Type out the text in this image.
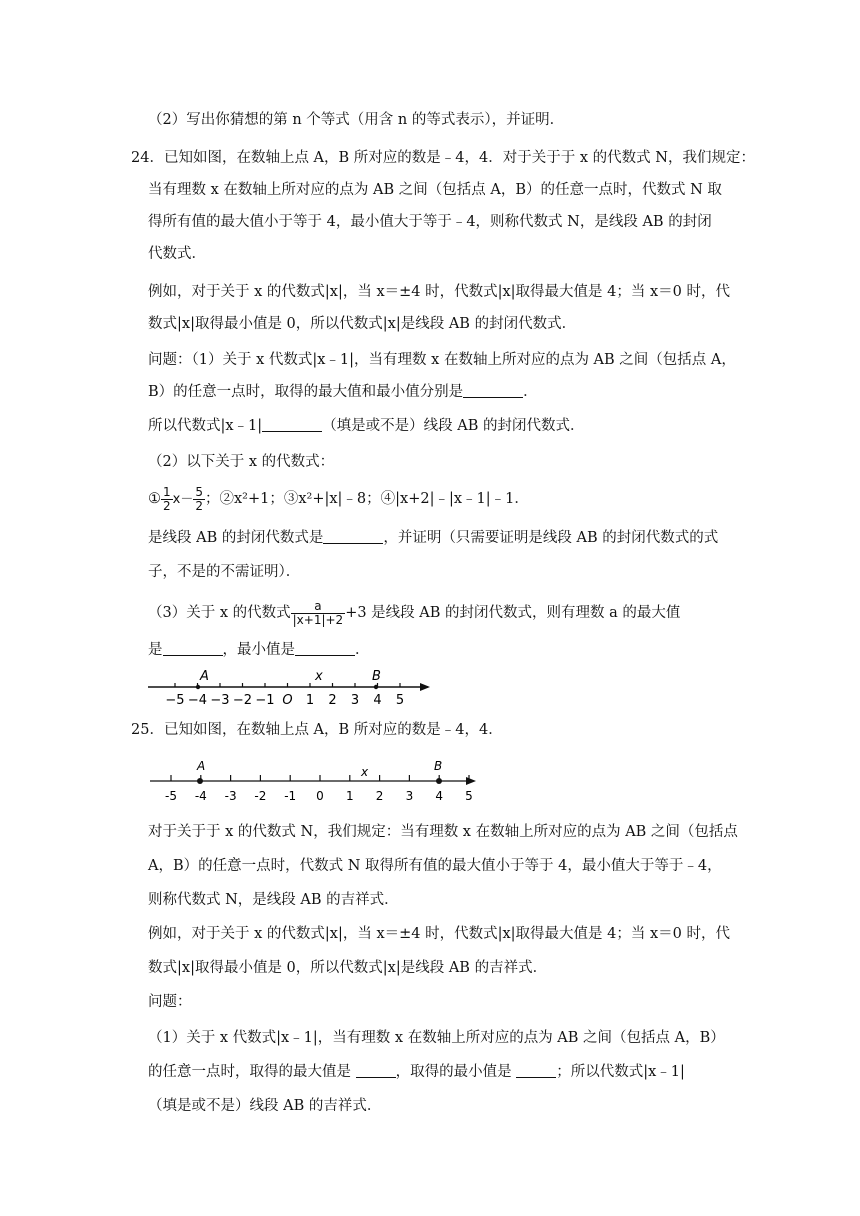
（2）写出你猜想的第 n 个等式（用含 n 的等式表示），并证明．
24．已知如图，在数轴上点 A，B 所对应的数是﹣4，4．对于关于于 x 的代数式 N，我们规定：
当有理数 x 在数轴上所对应的点为 AB 之间（包括点 A，B）的任意一点时，代数式 N 取
得所有值的最大值小于等于 4，最小值大于等于﹣4，则称代数式 N，是线段 AB 的封闭
代数式．
例如，对于关于 x 的代数式|x|，当 x＝±4 时，代数式|x|取得最大值是 4；当 x＝0 时，代
数式|x|取得最小值是 0，所以代数式|x|是线段 AB 的封闭代数式．
问题：（1）关于 x 代数式|x﹣1|，当有理数 x 在数轴上所对应的点为 AB 之间（包括点 A，
B）的任意一点时，取得的最大值和最小值分别是	．
所以代数式|x﹣1|	（填是或不是）线段 AB 的封闭代数式．
（2）以下关于 x 的代数式：
① $\frac{1}{2} x- \frac{5}{2}$ ；②x²+1；③x²+|x|﹣8；④|x+2|﹣|x﹣1|﹣1．
是线段 AB 的封闭代数式是	，并证明（只需要证明是线段 AB 的封闭代数式的式
子，不是的不需证明）．
（3）关于 x 的代数式 $\frac{a}{|x+1|+2} +3$ 是线段 AB 的封闭代数式，则有理数 a 的最大值
是	，最小值是	．
−5 −4 −3 −2 −1 O 1 2 3 4 5
A	x	B
25．已知如图，在数轴上点 A，B 所对应的数是﹣4，4．
-5 -4 -3 -2 -1 0 1 2 3 4 5
A	x	B
对于关于于 x 的代数式 N，我们规定：当有理数 x 在数轴上所对应的点为 AB 之间（包括点
A，B）的任意一点时，代数式 N 取得所有值的最大值小于等于 4，最小值大于等于﹣4，
则称代数式 N，是线段 AB 的吉祥式．
例如，对于关于 x 的代数式|x|，当 x＝±4 时，代数式|x|取得最大值是 4；当 x＝0 时，代
数式|x|取得最小值是 0，所以代数式|x|是线段 AB 的吉祥式．
问题：
（1）关于 x 代数式|x﹣1|，当有理数 x 在数轴上所对应的点为 AB 之间（包括点 A，B）
的任意一点时，取得的最大值是	，取得的最小值是	；所以代数式|x﹣1|
（填是或不是）线段 AB 的吉祥式．
